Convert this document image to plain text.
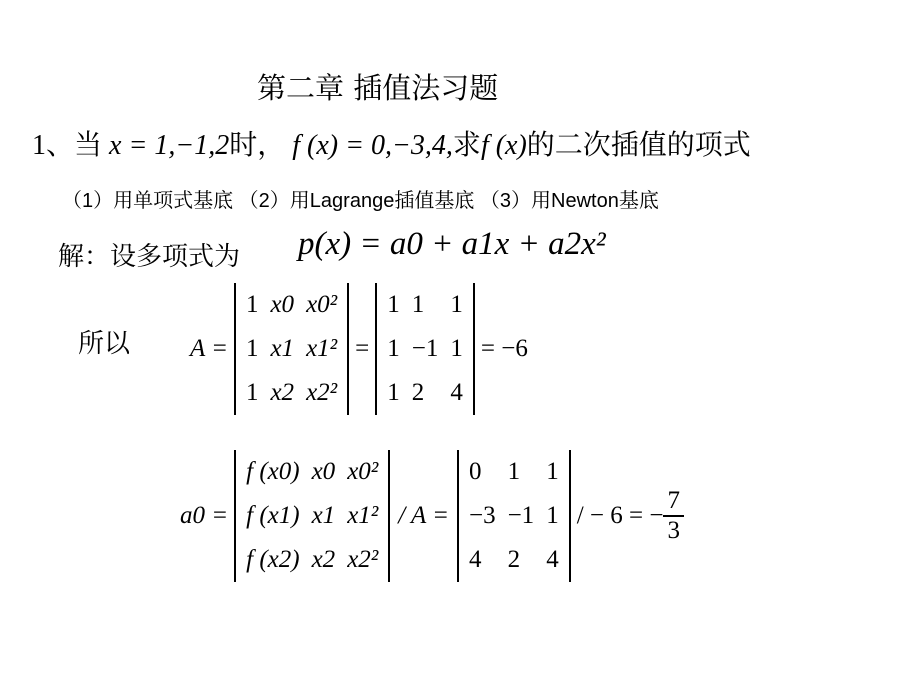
第二章 插值法习题
1、当 x = 1,−1,2时， f (x) = 0,−3,4,求f (x)的二次插值的项式
（1）用单项式基底 （2）用Lagrange插值基底 （3）用Newton基底
解：设多项式为 p(x) = a0 + a1x + a2x²
所以 A =
1	x0	x0²
1	x1	x1²
1	x2	x2²
=
1	1	1
1	−1	1
1	2	4
= −6
a0 =
f (x0)	x0	x0²
f (x1)	x1	x1²
f (x2)	x2	x2²
/ A =
0	1	1
−3	−1	1
4	2	4
/ − 6 = − $\frac{7}{3}$
